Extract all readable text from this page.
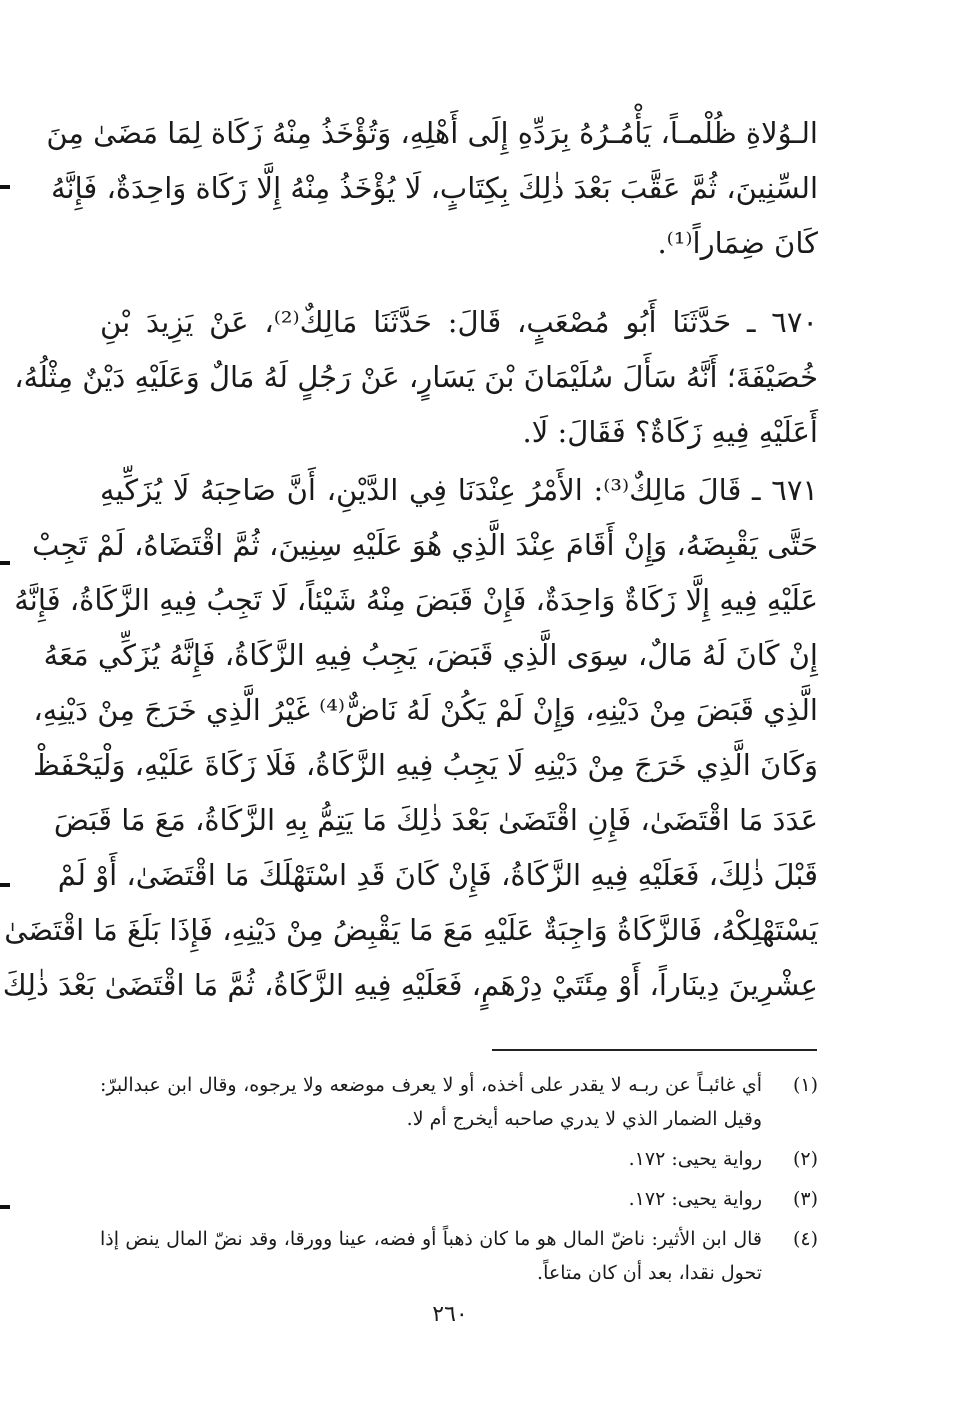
الـوُلاةِ ظُلْمـاً، يَأْمُـرُهُ بِرَدِّهِ إِلَى أَهْلِهِ، وَتُؤْخَذُ مِنْهُ زَكَاة لِمَا مَضَىٰ مِنَ
السِّنِينَ، ثُمَّ عَقَّبَ بَعْدَ ذٰلِكَ بِكِتَابٍ، لَا يُؤْخَذُ مِنْهُ إِلَّا زَكَاة وَاحِدَةٌ، فَإِنَّهُ
كَانَ ضِمَاراً⁽¹⁾.
٦٧٠ ـ حَدَّثَنَا أَبُو مُصْعَبٍ، قَالَ: حَدَّثَنَا مَالِكٌ⁽²⁾، عَنْ يَزِيدَ بْنِ
خُصَيْفَةَ؛ أَنَّهُ سَأَلَ سُلَيْمَانَ بْنَ يَسَارٍ، عَنْ رَجُلٍ لَهُ مَالٌ وَعَلَيْهِ دَيْنٌ مِثْلُهُ،
أَعَلَيْهِ فِيهِ زَكَاةٌ؟ فَقَالَ: لَا.
٦٧١ ـ قَالَ مَالِكٌ⁽³⁾: الأَمْرُ عِنْدَنَا فِي الدَّيْنِ، أَنَّ صَاحِبَهُ لَا يُزَكِّيهِ
حَتَّى يَقْبِضَهُ، وَإِنْ أَقَامَ عِنْدَ الَّذِي هُوَ عَلَيْهِ سِنِينَ، ثُمَّ اقْتَضَاهُ، لَمْ تَجِبْ
عَلَيْهِ فِيهِ إِلَّا زَكَاةٌ وَاحِدَةٌ، فَإِنْ قَبَضَ مِنْهُ شَيْئاً، لَا تَجِبُ فِيهِ الزَّكَاةُ، فَإِنَّهُ
إِنْ كَانَ لَهُ مَالٌ، سِوَى الَّذِي قَبَضَ، يَجِبُ فِيهِ الزَّكَاةُ، فَإِنَّهُ يُزَكِّي مَعَهُ
الَّذِي قَبَضَ مِنْ دَيْنِهِ، وَإِنْ لَمْ يَكُنْ لَهُ نَاضٌّ⁽⁴⁾ غَيْرُ الَّذِي خَرَجَ مِنْ دَيْنِهِ،
وَكَانَ الَّذِي خَرَجَ مِنْ دَيْنِهِ لَا يَجِبُ فِيهِ الزَّكَاةُ، فَلَا زَكَاةَ عَلَيْهِ، وَلْيَحْفَظْ
عَدَدَ مَا اقْتَضَىٰ، فَإِنِ اقْتَضَىٰ بَعْدَ ذٰلِكَ مَا يَتِمُّ بِهِ الزَّكَاةُ، مَعَ مَا قَبَضَ
قَبْلَ ذٰلِكَ، فَعَلَيْهِ فِيهِ الزَّكَاةُ، فَإِنْ كَانَ قَدِ اسْتَهْلَكَ مَا اقْتَضَىٰ، أَوْ لَمْ
يَسْتَهْلِكْهُ، فَالزَّكَاةُ وَاجِبَةٌ عَلَيْهِ مَعَ مَا يَقْبِضُ مِنْ دَيْنِهِ، فَإِذَا بَلَغَ مَا اقْتَضَىٰ
عِشْرِينَ دِينَاراً، أَوْ مِئَتَيْ دِرْهَمٍ، فَعَلَيْهِ فِيهِ الزَّكَاةُ، ثُمَّ مَا اقْتَضَىٰ بَعْدَ ذٰلِكَ
(١)
أي غائبـاً عن ربـه لا يقدر على أخذه، أو لا يعرف موضعه ولا يرجوه، وقال ابن عبدالبرّ: وقيل الضمار الذي لا يدري صاحبه أيخرج أم لا.
(٢)
رواية يحيى: ١٧٢.
(٣)
رواية يحيى: ١٧٢.
(٤)
قال ابن الأثير: ناضّ المال هو ما كان ذهباً أو فضه، عينا وورقا، وقد نضّ المال ينض إذا تحول نقدا، بعد أن كان متاعاً.
٢٦٠
